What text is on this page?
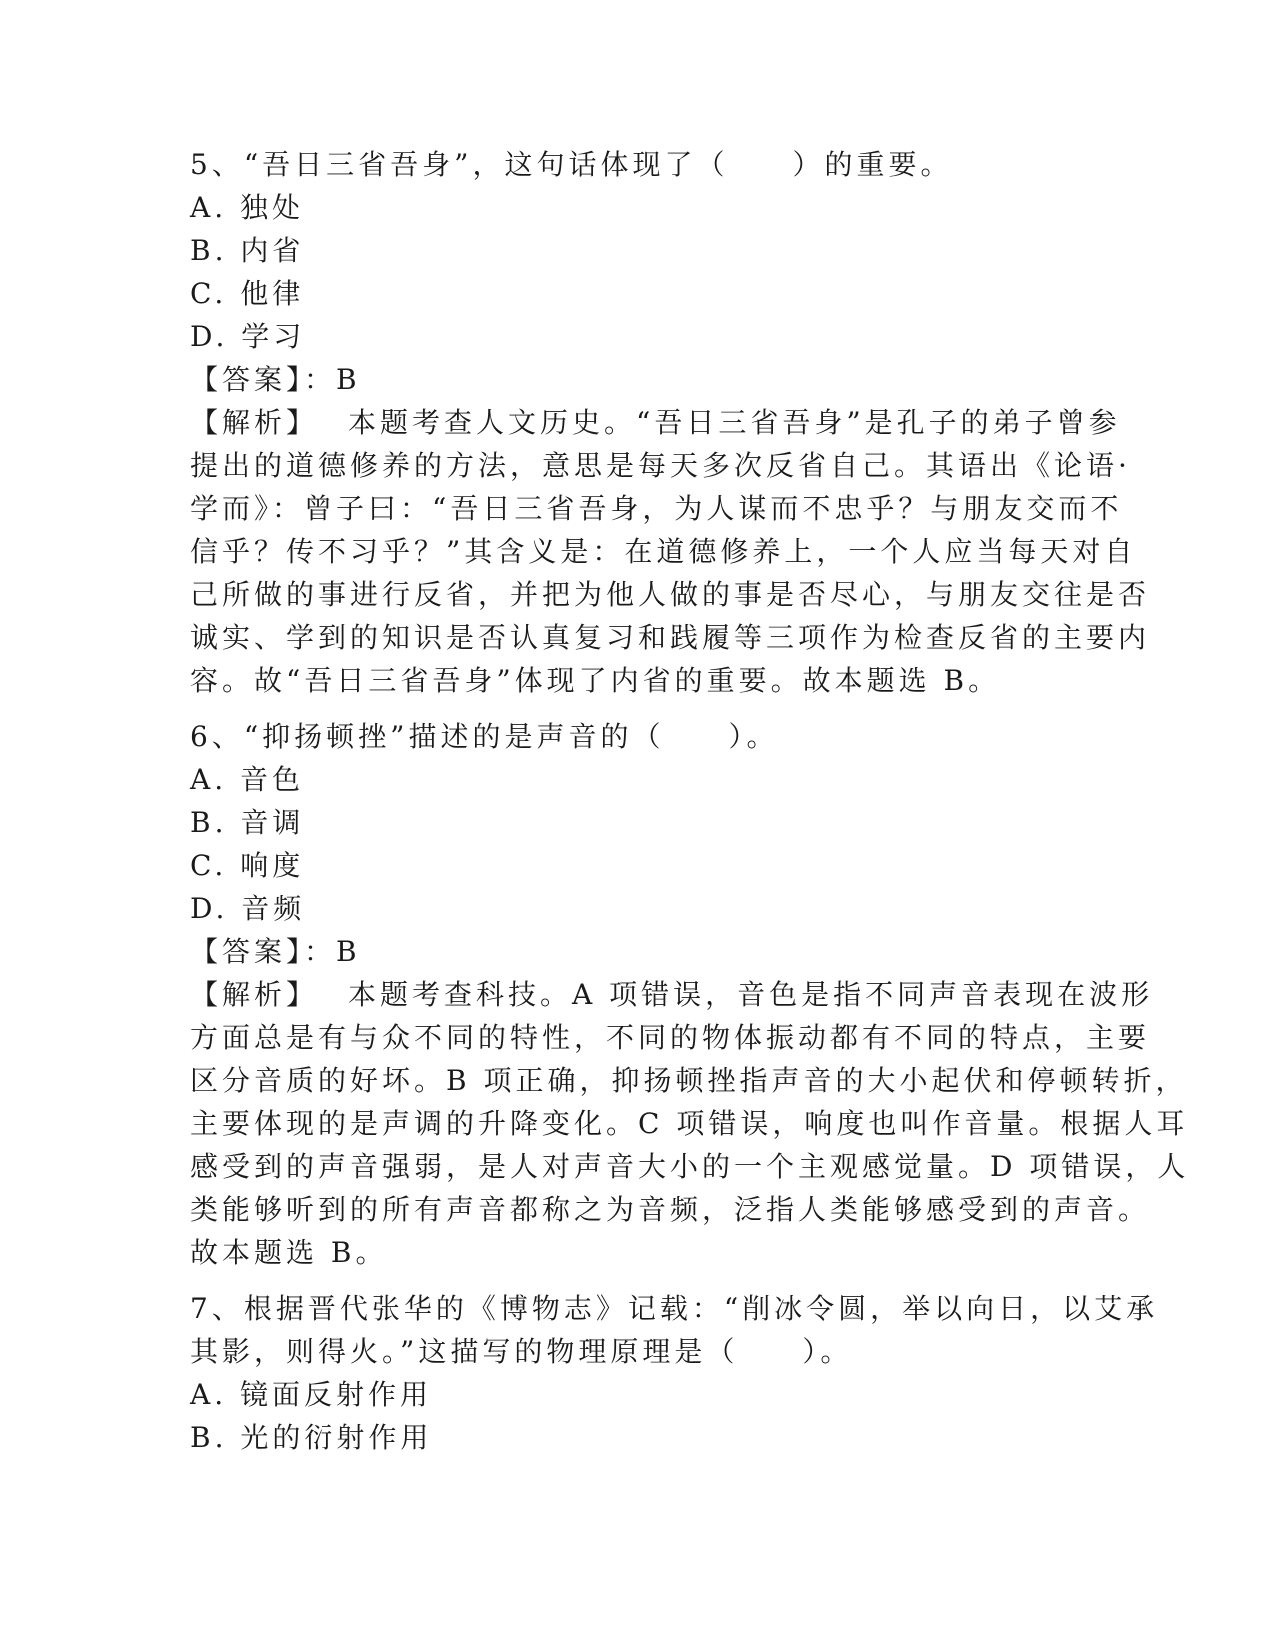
5、“吾日三省吾身”，这句话体现了（　　）的重要。
A. 独处
B. 内省
C. 他律
D. 学习
【答案】：B
【解析】 本题考查人文历史。“吾日三省吾身”是孔子的弟子曾参
提出的道德修养的方法，意思是每天多次反省自己。其语出《论语·
学而》：曾子曰：“吾日三省吾身，为人谋而不忠乎？与朋友交而不
信乎？传不习乎？”其含义是：在道德修养上，一个人应当每天对自
己所做的事进行反省，并把为他人做的事是否尽心，与朋友交往是否
诚实、学到的知识是否认真复习和践履等三项作为检查反省的主要内
容。故“吾日三省吾身”体现了内省的重要。故本题选 B。
6、“抑扬顿挫”描述的是声音的（　　）。
A. 音色
B. 音调
C. 响度
D. 音频
【答案】：B
【解析】 本题考查科技。A 项错误，音色是指不同声音表现在波形
方面总是有与众不同的特性，不同的物体振动都有不同的特点，主要
区分音质的好坏。B 项正确，抑扬顿挫指声音的大小起伏和停顿转折，
主要体现的是声调的升降变化。C 项错误，响度也叫作音量。根据人耳
感受到的声音强弱，是人对声音大小的一个主观感觉量。D 项错误，人
类能够听到的所有声音都称之为音频，泛指人类能够感受到的声音。
故本题选 B。
7、根据晋代张华的《博物志》记载：“削冰令圆，举以向日，以艾承
其影，则得火。”这描写的物理原理是（　　）。
A. 镜面反射作用
B. 光的衍射作用
